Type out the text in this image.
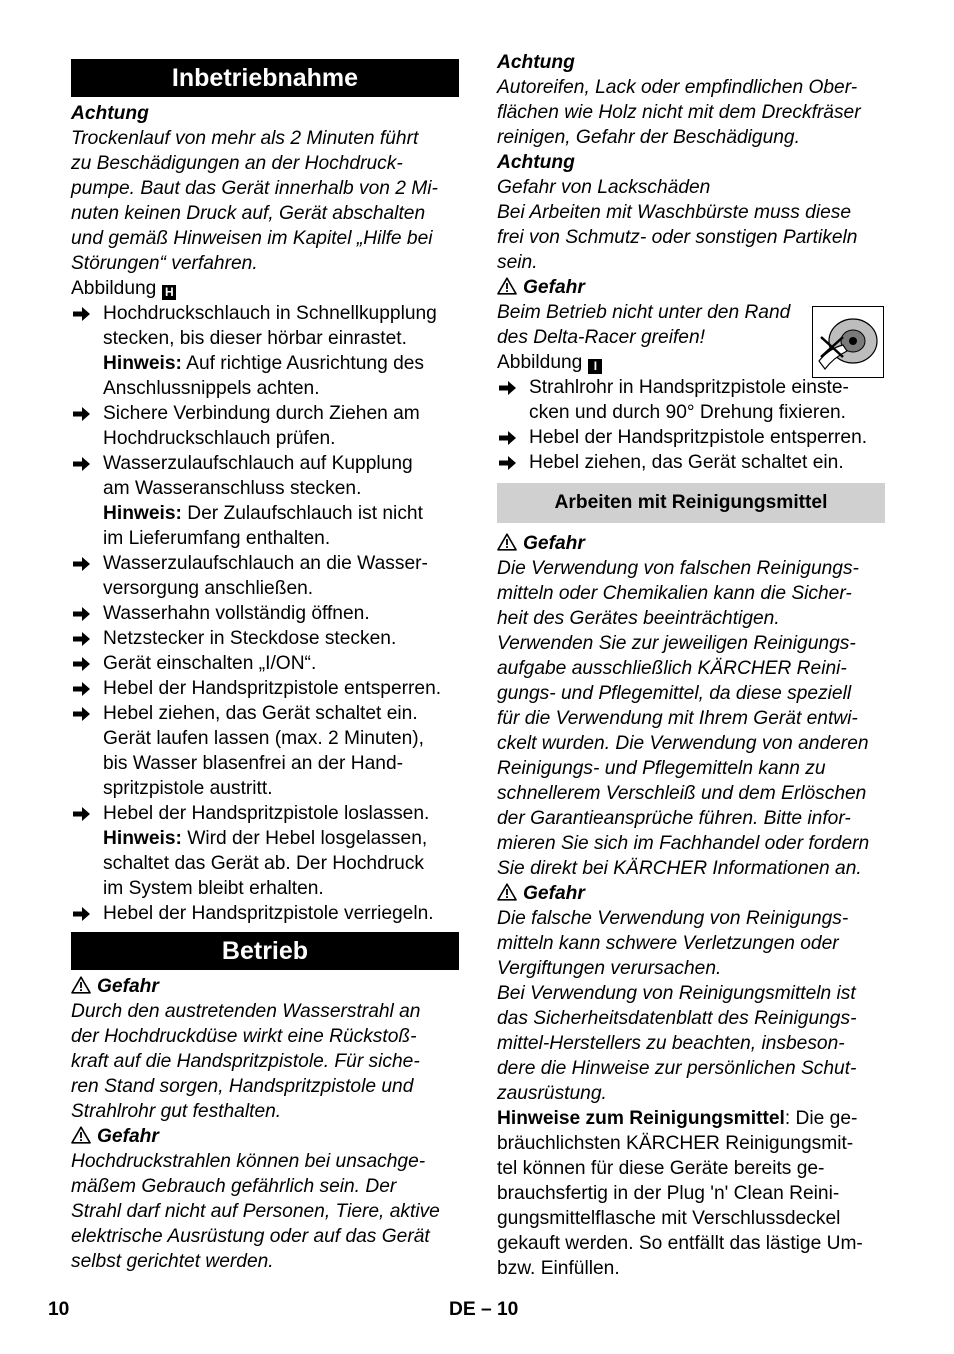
Inbetriebnahme
Achtung
Trockenlauf von mehr als 2 Minuten führt
zu Beschädigungen an der Hochdruck-
pumpe. Baut das Gerät innerhalb von 2 Mi-
nuten keinen Druck auf, Gerät abschalten
und gemäß Hinweisen im Kapitel „Hilfe bei
Störungen“ verfahren.
Abbildung H
Hochdruckschlauch in Schnellkupplung
stecken, bis dieser hörbar einrastet.
Hinweis: Auf richtige Ausrichtung des
Anschlussnippels achten.
Sichere Verbindung durch Ziehen am
Hochdruckschlauch prüfen.
Wasserzulaufschlauch auf Kupplung
am Wasseranschluss stecken.
Hinweis: Der Zulaufschlauch ist nicht
im Lieferumfang enthalten.
Wasserzulaufschlauch an die Wasser-
versorgung anschließen.
Wasserhahn vollständig öffnen.
Netzstecker in Steckdose stecken.
Gerät einschalten „I/ON“.
Hebel der Handspritzpistole entsperren.
Hebel ziehen, das Gerät schaltet ein.
Gerät laufen lassen (max. 2 Minuten),
bis Wasser blasenfrei an der Hand-
spritzpistole austritt.
Hebel der Handspritzpistole loslassen.
Hinweis: Wird der Hebel losgelassen,
schaltet das Gerät ab. Der Hochdruck
im System bleibt erhalten.
Hebel der Handspritzpistole verriegeln.
Betrieb
Gefahr
Durch den austretenden Wasserstrahl an
der Hochdruckdüse wirkt eine Rückstoß-
kraft auf die Handspritzpistole. Für siche-
ren Stand sorgen, Handspritzpistole und
Strahlrohr gut festhalten.
Gefahr
Hochdruckstrahlen können bei unsachge-
mäßem Gebrauch gefährlich sein. Der
Strahl darf nicht auf Personen, Tiere, aktive
elektrische Ausrüstung oder auf das Gerät
selbst gerichtet werden.
Achtung
Autoreifen, Lack oder empfindlichen Ober-
flächen wie Holz nicht mit dem Dreckfräser
reinigen, Gefahr der Beschädigung.
Achtung
Gefahr von Lackschäden
Bei Arbeiten mit Waschbürste muss diese
frei von Schmutz- oder sonstigen Partikeln
sein.
Gefahr
Beim Betrieb nicht unter den Rand
des Delta-Racer greifen!
Abbildung I
Strahlrohr in Handspritzpistole einste-
cken und durch 90° Drehung fixieren.
Hebel der Handspritzpistole entsperren.
Hebel ziehen, das Gerät schaltet ein.
Arbeiten mit Reinigungsmittel
Gefahr
Die Verwendung von falschen Reinigungs-
mitteln oder Chemikalien kann die Sicher-
heit des Gerätes beeinträchtigen.
Verwenden Sie zur jeweiligen Reinigungs-
aufgabe ausschließlich KÄRCHER Reini-
gungs- und Pflegemittel, da diese speziell
für die Verwendung mit Ihrem Gerät entwi-
ckelt wurden. Die Verwendung von anderen
Reinigungs- und Pflegemitteln kann zu
schnellerem Verschleiß und dem Erlöschen
der Garantieansprüche führen. Bitte infor-
mieren Sie sich im Fachhandel oder fordern
Sie direkt bei KÄRCHER Informationen an.
Gefahr
Die falsche Verwendung von Reinigungs-
mitteln kann schwere Verletzungen oder
Vergiftungen verursachen.
Bei Verwendung von Reinigungsmitteln ist
das Sicherheitsdatenblatt des Reinigungs-
mittel-Herstellers zu beachten, insbeson-
dere die Hinweise zur persönlichen Schut-
zausrüstung.
Hinweise zum Reinigungsmittel: Die ge-
bräuchlichsten KÄRCHER Reinigungsmit-
tel können für diese Geräte bereits ge-
brauchsfertig in der Plug 'n' Clean Reini-
gungsmittelflasche mit Verschlussdeckel
gekauft werden. So entfällt das lästige Um-
bzw. Einfüllen.
10	DE – 10
